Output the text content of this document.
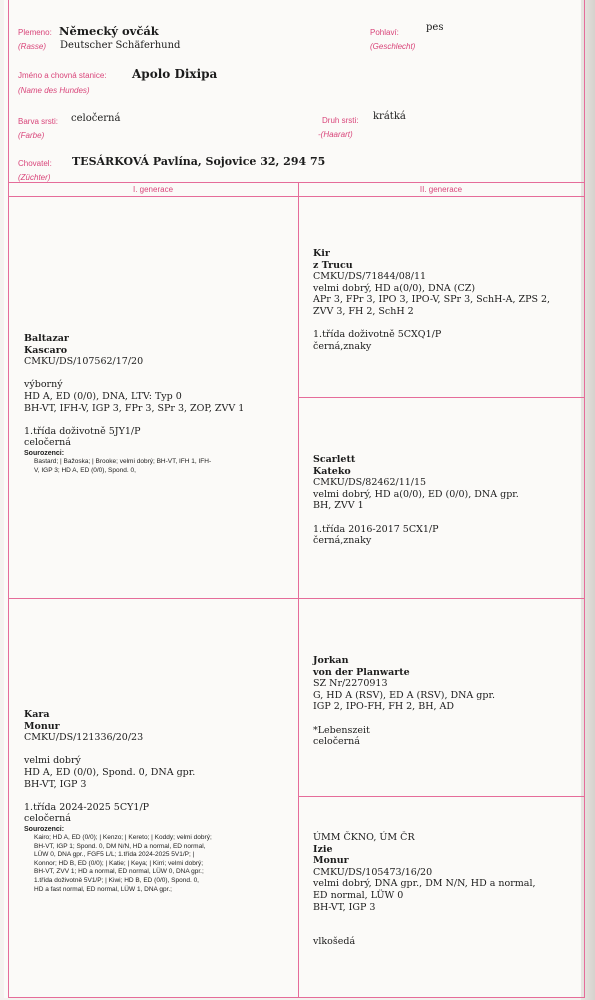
Plemeno: Německý ovčák
(Rasse) Deutscher Schäferhund
Pohlaví:	pes
(Geschlecht)
Jméno a chovná stanice: Apolo Dixipa
(Name des Hundes)
Barva srsti: celočerná
(Farbe)
Druh srsti: krátká
-(Haarart)
Chovatel: TESÁRKOVÁ Pavlína, Sojovice 32, 294 75
(Züchter)
I. generace	II. generace
Baltazar
Kascaro
CMKU/DS/107562/17/20
výborný
HD A, ED (0/0), DNA, LTV: Typ 0
BH-VT, IFH-V, IGP 3, FPr 3, SPr 3, ZOP, ZVV 1
1.třída doživotně 5JY1/P
celočerná
Sourozenci:
Bastard; | Bažoska; | Brooke; velmi dobrý; BH-VT, IFH 1, IFH-
V, IGP 3; HD A, ED (0/0), Spond. 0,
Kara
Monur
CMKU/DS/121336/20/23
velmi dobrý
HD A, ED (0/0), Spond. 0, DNA gpr.
BH-VT, IGP 3
1.třída 2024-2025 5CY1/P
celočerná
Sourozenci:
Kairo; HD A, ED (0/0); | Kenzo; | Kereto; | Koddy; velmi dobrý;
BH-VT, IGP 1; Spond. 0, DM N/N, HD a normal, ED normal,
LÜW 0, DNA gpr., FGF5 L/L; 1.třída 2024-2025 5V1/P; |
Konnor; HD B, ED (0/0); | Katie; | Keya; | Kirri; velmi dobrý;
BH-VT, ZVV 1; HD a normal, ED normal, LÜW 0, DNA gpr.;
1.třída doživotně 5V1/P; | Kiwi; HD B, ED (0/0), Spond. 0,
HD a fast normal, ED normal, LÜW 1, DNA gpr.;
Kir
z Trucu
CMKU/DS/71844/08/11
velmi dobrý, HD a(0/0), DNA (CZ)
APr 3, FPr 3, IPO 3, IPO-V, SPr 3, SchH-A, ZPS 2,
ZVV 3, FH 2, SchH 2
1.třída doživotně 5CXQ1/P
černá,znaky
Scarlett
Kateko
CMKU/DS/82462/11/15
velmi dobrý, HD a(0/0), ED (0/0), DNA gpr.
BH, ZVV 1
1.třída 2016-2017 5CX1/P
černá,znaky
Jorkan
von der Planwarte
SZ Nr/2270913
G, HD A (RSV), ED A (RSV), DNA gpr.
IGP 2, IPO-FH, FH 2, BH, AD
*Lebenszeit
celočerná
ÚMM ČKNO, ÚM ČR
Izie
Monur
CMKU/DS/105473/16/20
velmi dobrý, DNA gpr., DM N/N, HD a normal,
ED normal, LÜW 0
BH-VT, IGP 3
vlkošedá
